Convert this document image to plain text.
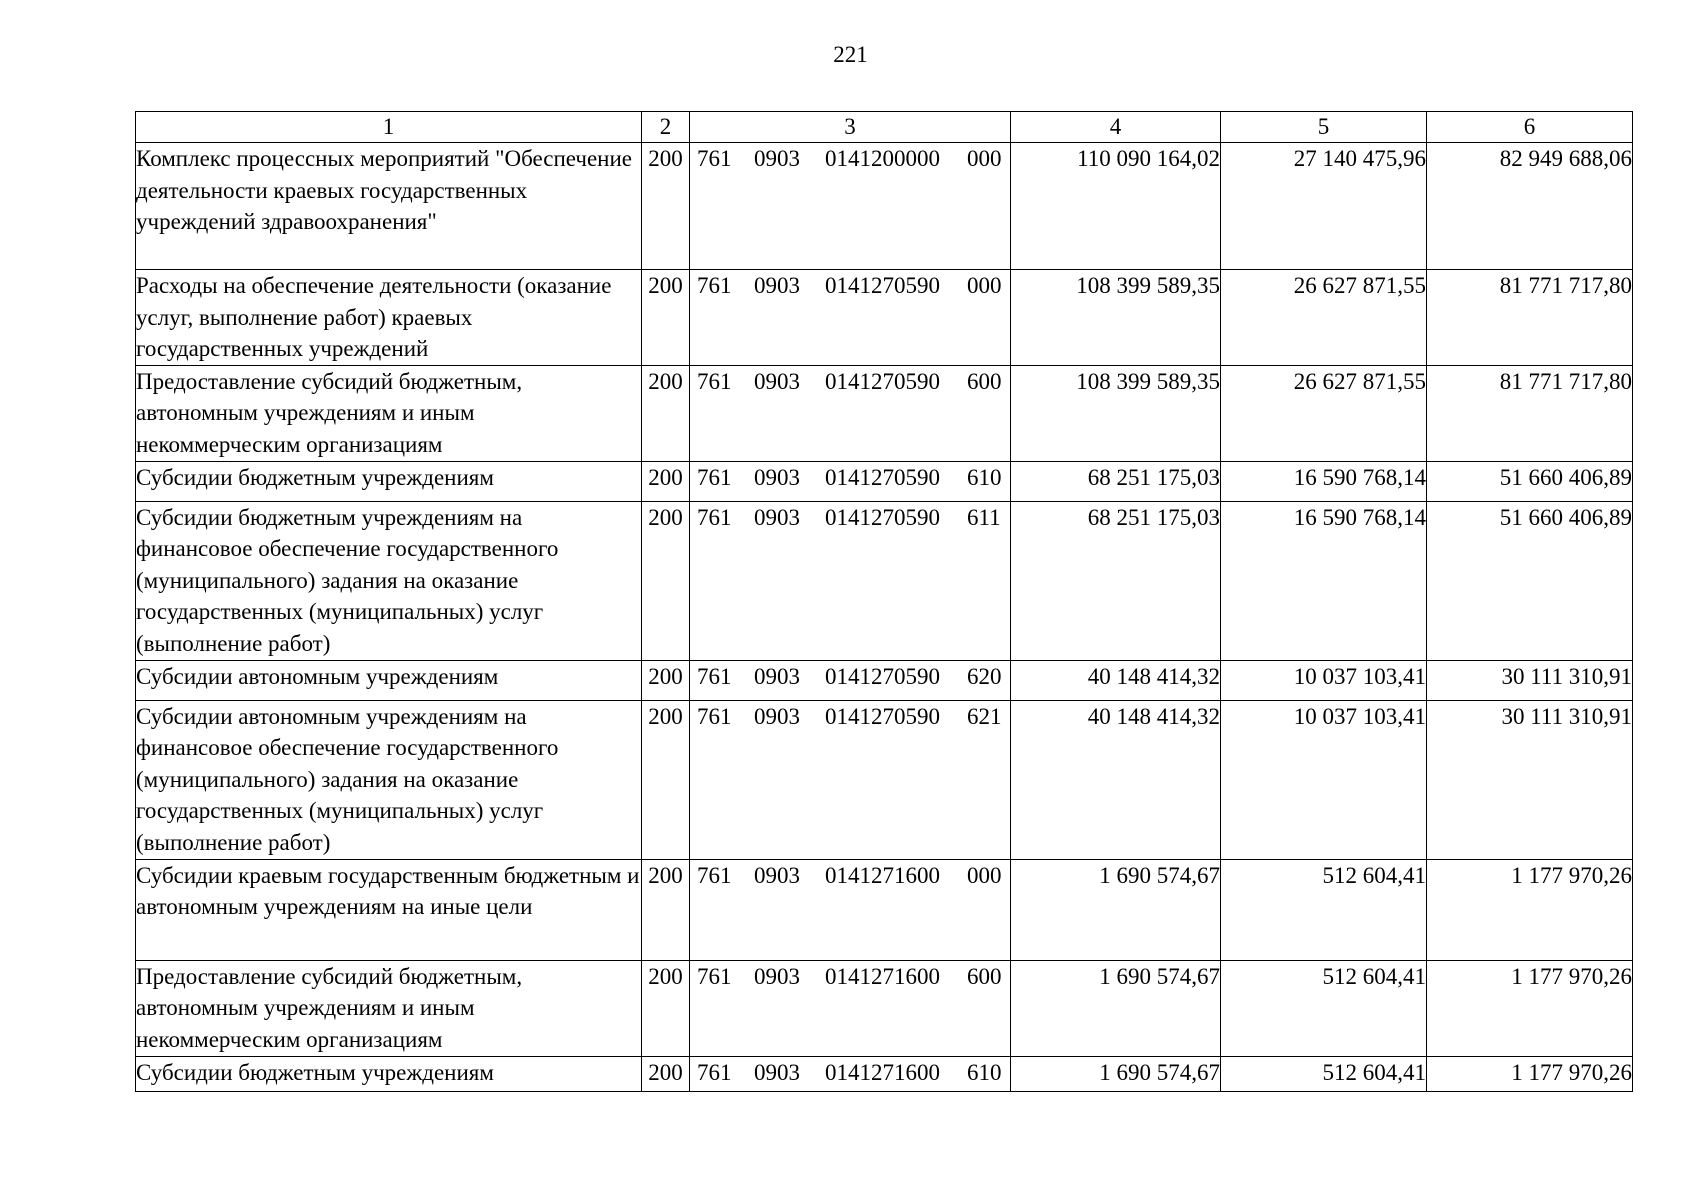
221
1	2	3	4	5	6
Комплекс процессных мероприятий "Обеспечение деятельности краевых государственных учреждений здравоохранения"	200	761 0903 0141200000 000	110 090 164,02	27 140 475,96	82 949 688,06
Расходы на обеспечение деятельности (оказание услуг, выполнение работ) краевых государственных учреждений	200	761 0903 0141270590 000	108 399 589,35	26 627 871,55	81 771 717,80
Предоставление субсидий бюджетным, автономным учреждениям и иным некоммерческим организациям	200	761 0903 0141270590 600	108 399 589,35	26 627 871,55	81 771 717,80
Субсидии бюджетным учреждениям	200	761 0903 0141270590 610	68 251 175,03	16 590 768,14	51 660 406,89
Субсидии бюджетным учреждениям на финансовое обеспечение государственного (муниципального) задания на оказание государственных (муниципальных) услуг (выполнение работ)	200	761 0903 0141270590 611	68 251 175,03	16 590 768,14	51 660 406,89
Субсидии автономным учреждениям	200	761 0903 0141270590 620	40 148 414,32	10 037 103,41	30 111 310,91
Субсидии автономным учреждениям на финансовое обеспечение государственного (муниципального) задания на оказание государственных (муниципальных) услуг (выполнение работ)	200	761 0903 0141270590 621	40 148 414,32	10 037 103,41	30 111 310,91
Субсидии краевым государственным бюджетным и автономным учреждениям на иные цели	200	761 0903 0141271600 000	1 690 574,67	512 604,41	1 177 970,26
Предоставление субсидий бюджетным, автономным учреждениям и иным некоммерческим организациям	200	761 0903 0141271600 600	1 690 574,67	512 604,41	1 177 970,26
Субсидии бюджетным учреждениям	200	761 0903 0141271600 610	1 690 574,67	512 604,41	1 177 970,26
